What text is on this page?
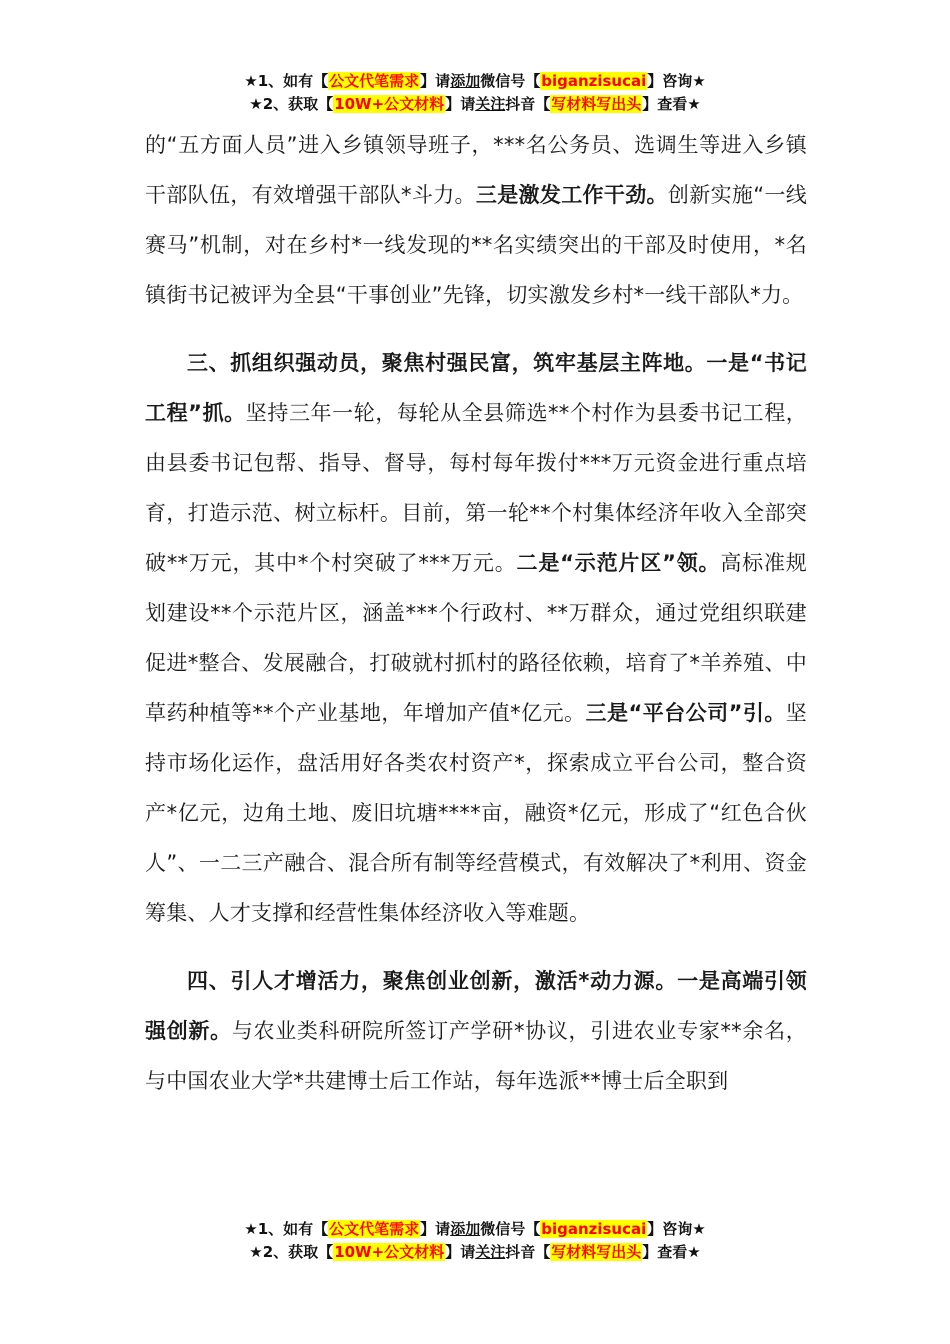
★1、如有【公文代笔需求】请添加微信号【biganzisucai】咨询★
★2、获取【10W+公文材料】请关注抖音【写材料写出头】查看★

的“五方面人员”进入乡镇领导班子，***名公务员、选调生等进入乡镇干部队伍，有效增强干部队*斗力。三是激发工作干劲。创新实施“一线赛马”机制，对在乡村*一线发现的**名实绩突出的干部及时使用，*名镇街书记被评为全县“干事创业”先锋，切实激发乡村*一线干部队*力。

三、抓组织强动员，聚焦村强民富，筑牢基层主阵地。一是“书记工程”抓。坚持三年一轮，每轮从全县筛选**个村作为县委书记工程，由县委书记包帮、指导、督导，每村每年拨付***万元资金进行重点培育，打造示范、树立标杆。目前，第一轮**个村集体经济年收入全部突破**万元，其中*个村突破了***万元。二是“示范片区”领。高标准规划建设**个示范片区，涵盖***个行政村、**万群众，通过党组织联建促进*整合、发展融合，打破就村抓村的路径依赖，培育了*羊养殖、中草药种植等**个产业基地，年增加产值*亿元。三是“平台公司”引。坚持市场化运作，盘活用好各类农村资产*，探索成立平台公司，整合资产*亿元，边角土地、废旧坑塘****亩，融资*亿元，形成了“红色合伙人”、一二三产融合、混合所有制等经营模式，有效解决了*利用、资金筹集、人才支撑和经营性集体经济收入等难题。

四、引人才增活力，聚焦创业创新，激活*动力源。一是高端引领强创新。与农业类科研院所签订产学研*协议，引进农业专家**余名，与中国农业大学*共建博士后工作站，每年选派**博士后全职到

★1、如有【公文代笔需求】请添加微信号【biganzisucai】咨询★
★2、获取【10W+公文材料】请关注抖音【写材料写出头】查看★
